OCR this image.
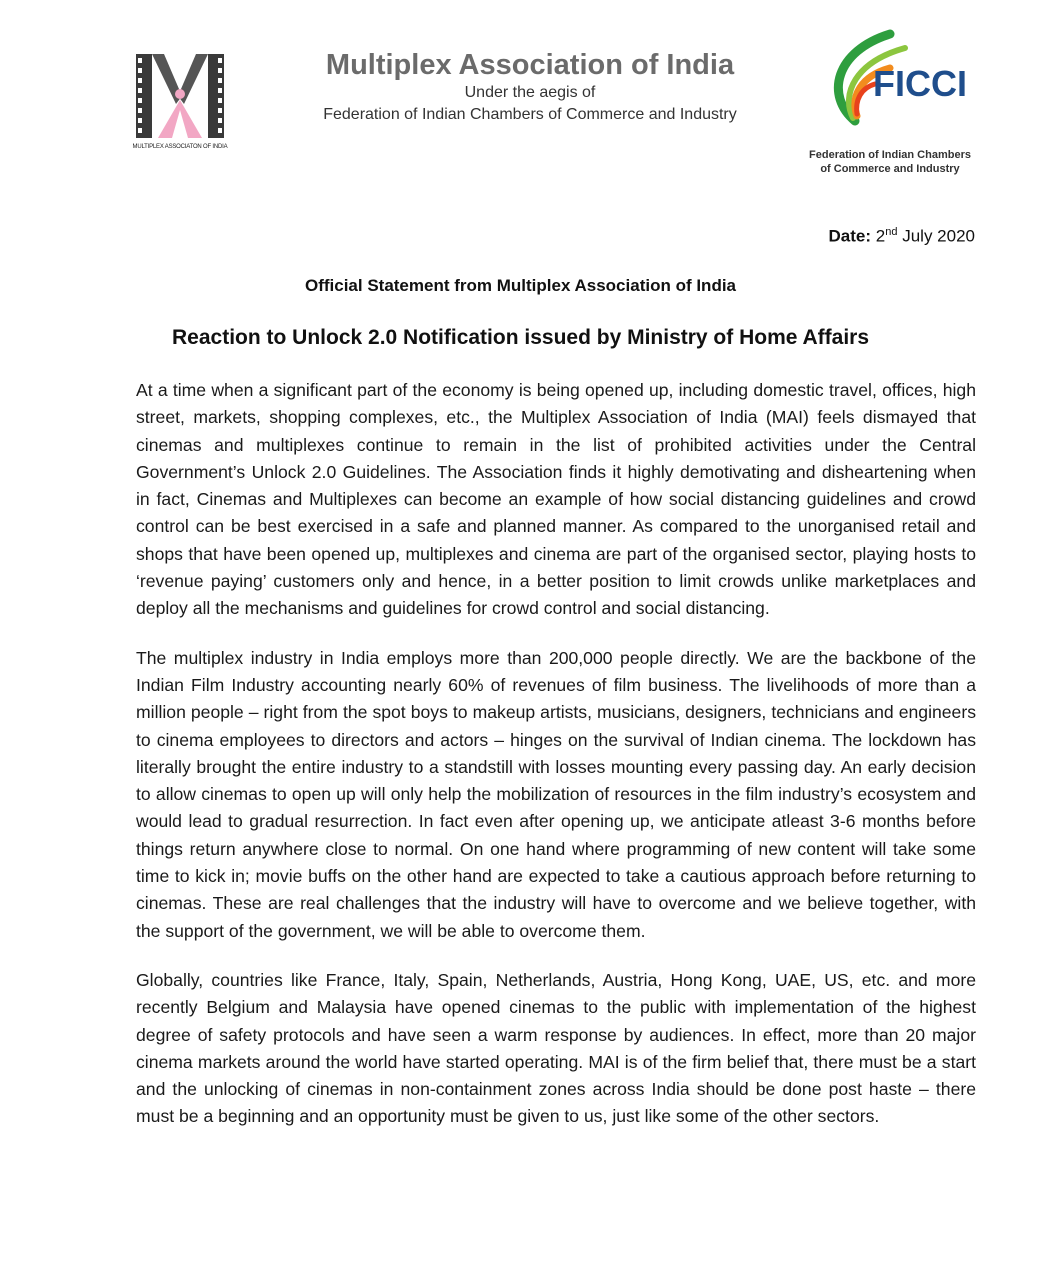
MULTIPLEX ASSOCIATON OF INDIA
Multiplex Association of India
Under the aegis of
Federation of Indian Chambers of Commerce and Industry
FICCI
Federation of Indian Chambers
of Commerce and Industry
Date: 2nd July 2020
Official Statement from Multiplex Association of India
Reaction to Unlock 2.0 Notification issued by Ministry of Home Affairs

At a time when a significant part of the economy is being opened up, including domestic travel, offices, high street, markets, shopping complexes, etc., the Multiplex Association of India (MAI) feels dismayed that cinemas and multiplexes continue to remain in the list of prohibited activities under the Central Government’s Unlock 2.0 Guidelines. The Association finds it highly demotivating and disheartening when in fact, Cinemas and Multiplexes can become an example of how social distancing guidelines and crowd control can be best exercised in a safe and planned manner. As compared to the unorganised retail and shops that have been opened up, multiplexes and cinema are part of the organised sector, playing hosts to ‘revenue paying’ customers only and hence, in a better position to limit crowds unlike marketplaces and deploy all the mechanisms and guidelines for crowd control and social distancing.

The multiplex industry in India employs more than 200,000 people directly. We are the backbone of the Indian Film Industry accounting nearly 60% of revenues of film business. The livelihoods of more than a million people – right from the spot boys to makeup artists, musicians, designers, technicians and engineers to cinema employees to directors and actors – hinges on the survival of Indian cinema. The lockdown has literally brought the entire industry to a standstill with losses mounting every passing day. An early decision to allow cinemas to open up will only help the mobilization of resources in the film industry’s ecosystem and would lead to gradual resurrection. In fact even after opening up, we anticipate atleast 3-6 months before things return anywhere close to normal. On one hand where programming of new content will take some time to kick in; movie buffs on the other hand are expected to take a cautious approach before returning to cinemas. These are real challenges that the industry will have to overcome and we believe together, with the support of the government, we will be able to overcome them.

Globally, countries like France, Italy, Spain, Netherlands, Austria, Hong Kong, UAE, US, etc. and more recently Belgium and Malaysia have opened cinemas to the public with implementation of the highest degree of safety protocols and have seen a warm response by audiences. In effect, more than 20 major cinema markets around the world have started operating. MAI is of the firm belief that, there must be a start and the unlocking of cinemas in non-containment zones across India should be done post haste – there must be a beginning and an opportunity must be given to us, just like some of the other sectors.
